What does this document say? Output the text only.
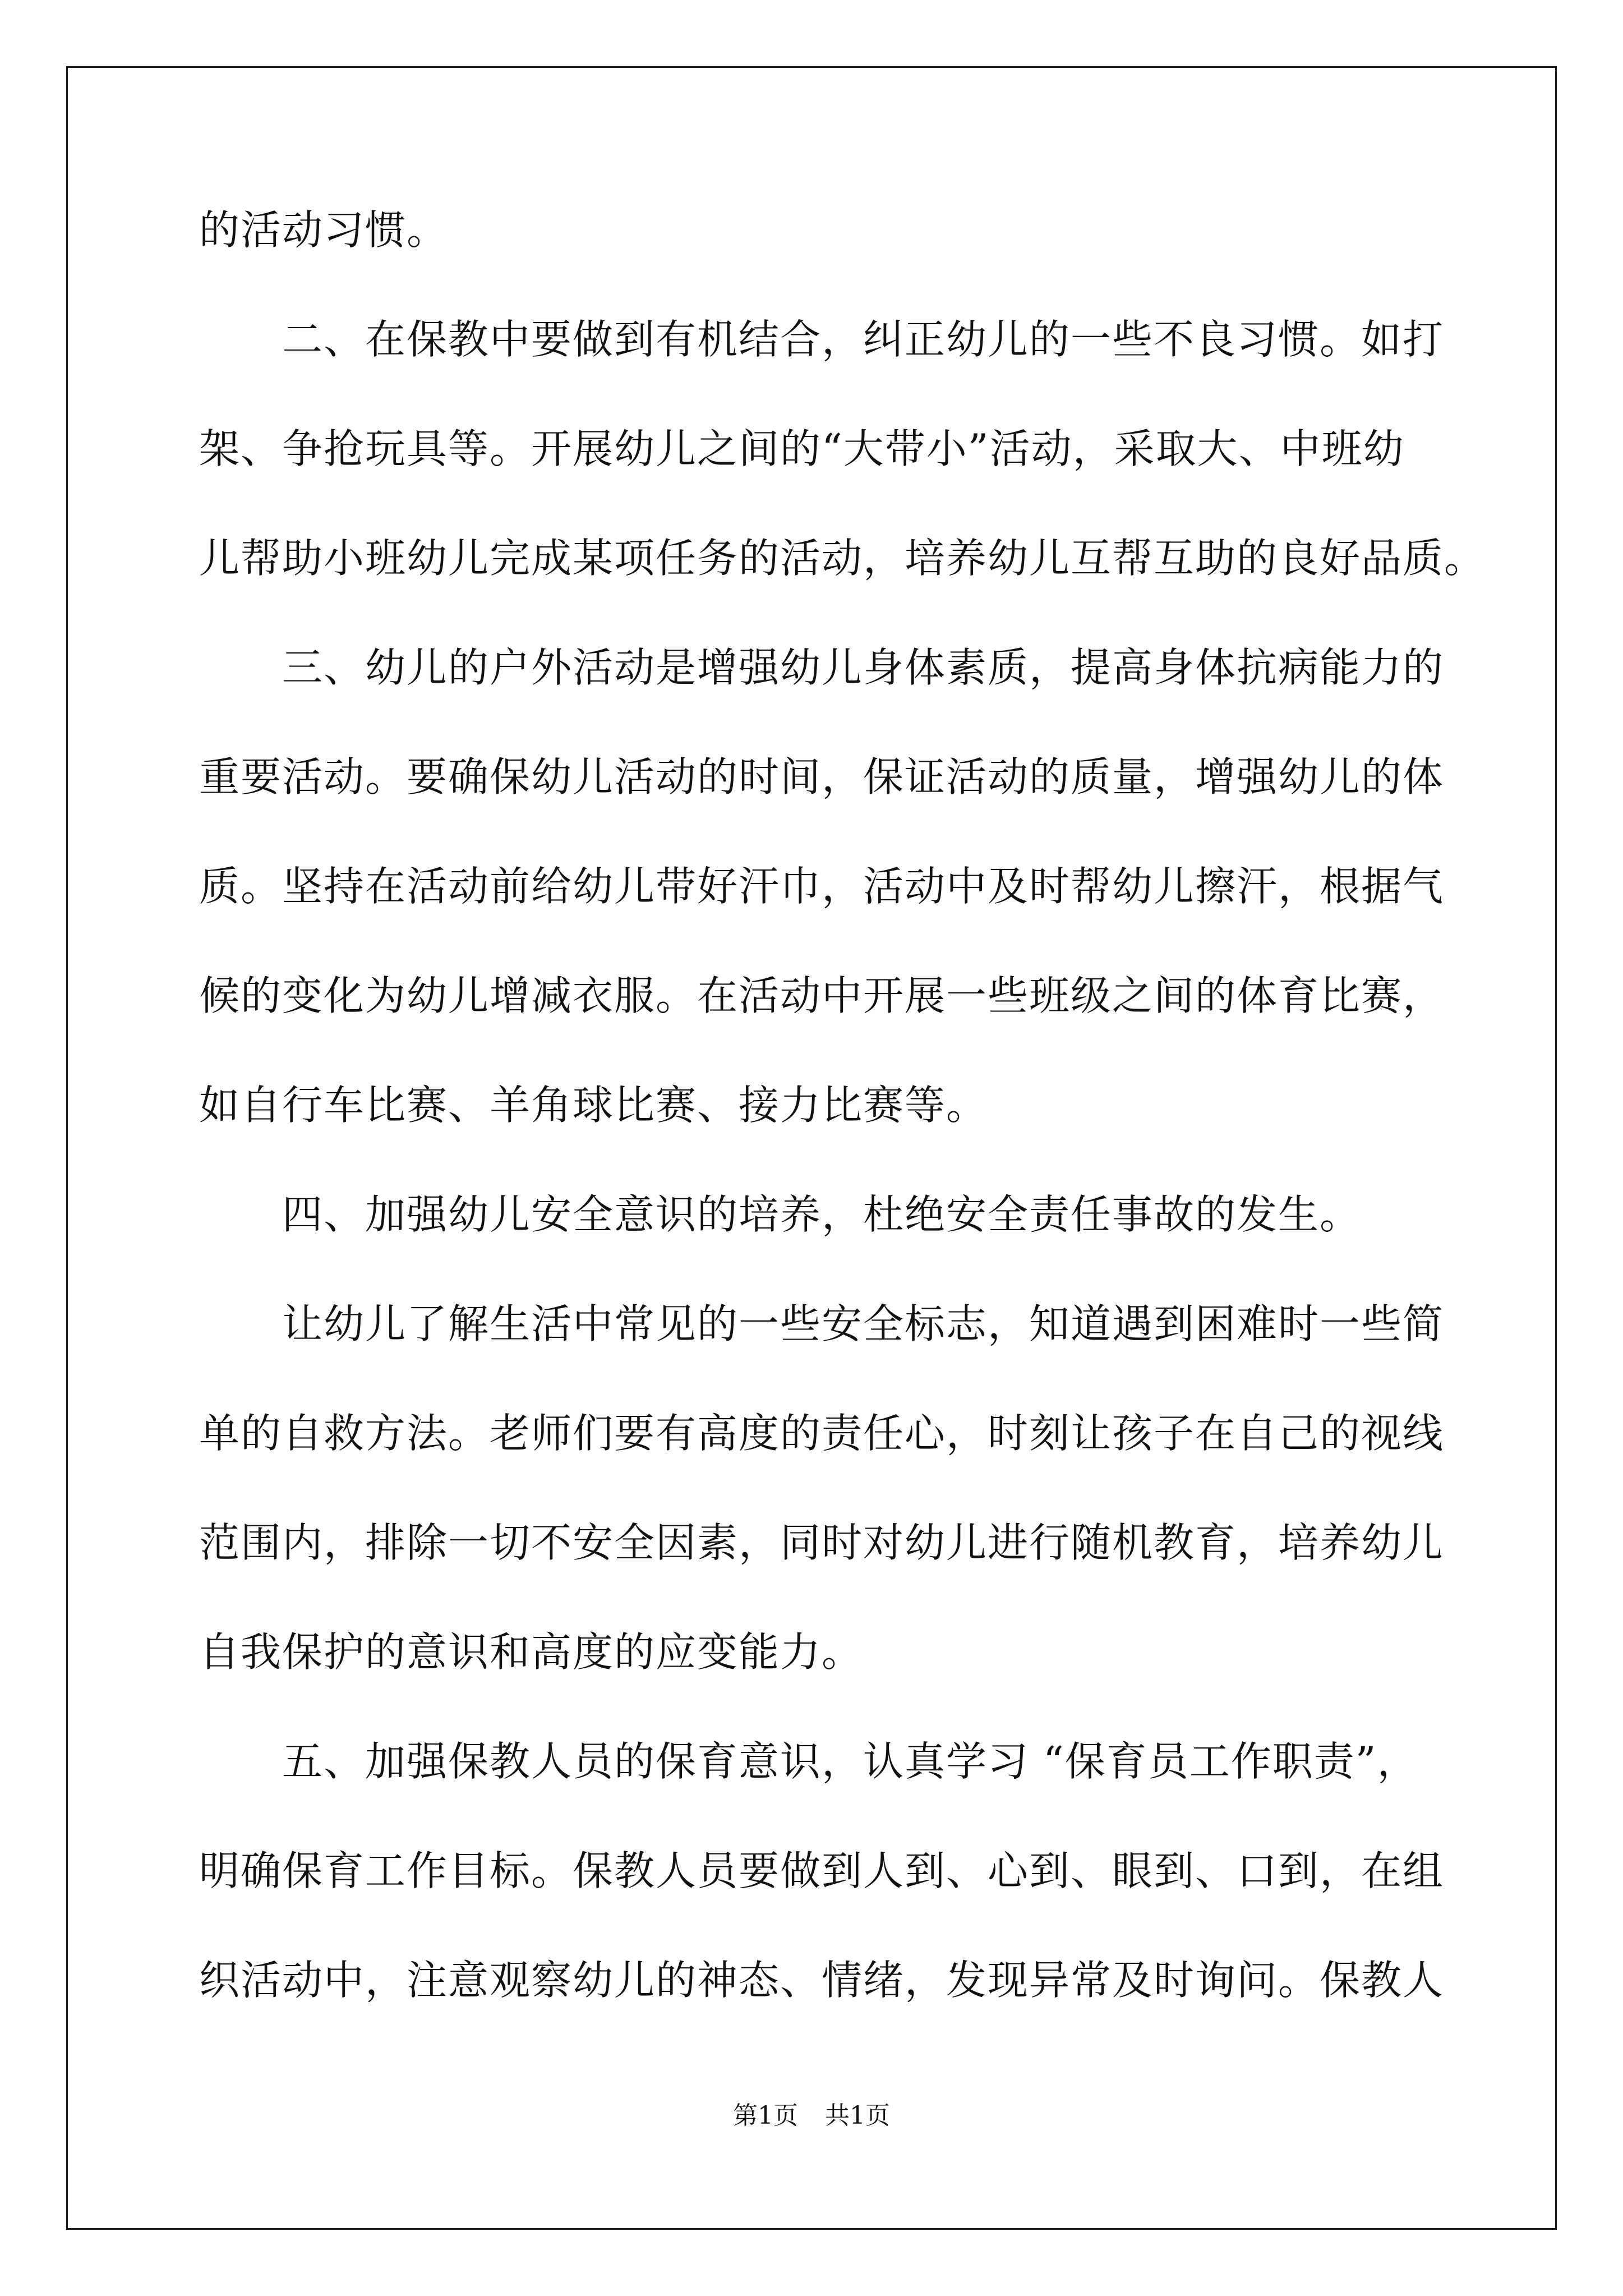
的活动习惯。
　　二、在保教中要做到有机结合，纠正幼儿的一些不良习惯。如打
架、争抢玩具等。开展幼儿之间的“大带小”活动，采取大、中班幼
儿帮助小班幼儿完成某项任务的活动，培养幼儿互帮互助的良好品质。
　　三、幼儿的户外活动是增强幼儿身体素质，提高身体抗病能力的
重要活动。要确保幼儿活动的时间，保证活动的质量，增强幼儿的体
质。坚持在活动前给幼儿带好汗巾，活动中及时帮幼儿擦汗，根据气
候的变化为幼儿增减衣服。在活动中开展一些班级之间的体育比赛，
如自行车比赛、羊角球比赛、接力比赛等。
　　四、加强幼儿安全意识的培养，杜绝安全责任事故的发生。
　　让幼儿了解生活中常见的一些安全标志，知道遇到困难时一些简
单的自救方法。老师们要有高度的责任心，时刻让孩子在自己的视线
范围内，排除一切不安全因素，同时对幼儿进行随机教育，培养幼儿
自我保护的意识和高度的应变能力。
　　五、加强保教人员的保育意识，认真学习 “保育员工作职责”，
明确保育工作目标。保教人员要做到人到、心到、眼到、口到，在组
织活动中，注意观察幼儿的神态、情绪，发现异常及时询问。保教人
第1页 共1页
